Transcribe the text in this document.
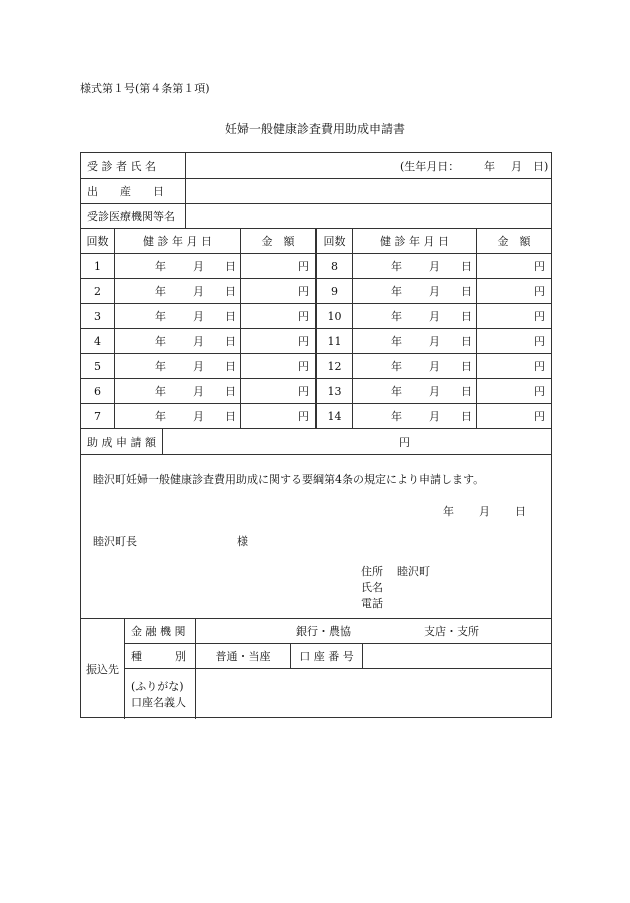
様式第１号(第４条第１項)
妊婦一般健康診査費用助成申請書
受 診 者 氏 名	(生年月日： 年 月 日)
出　　産　　日
受診医療機関等名
回数	健 診 年 月 日	金　額	回数	健 診 年 月 日	金　額
1	年 月 日	円	8	年 月 日	円
2	年 月 日	円	9	年 月 日	円
3	年 月 日	円	10	年 月 日	円
4	年 月 日	円	11	年 月 日	円
5	年 月 日	円	12	年 月 日	円
6	年 月 日	円	13	年 月 日	円
7	年 月 日	円	14	年 月 日	円
助 成 申 請 額	円
睦沢町妊婦一般健康診査費用助成に関する要綱第4条の規定により申請します。
年 月 日
睦沢町長	様
住所 睦沢町
氏名
電話
振込先
金 融 機 関	銀行・農協	支店・支所
種　　　別	普通・当座	口 座 番 号
(ふりがな)
口座名義人
